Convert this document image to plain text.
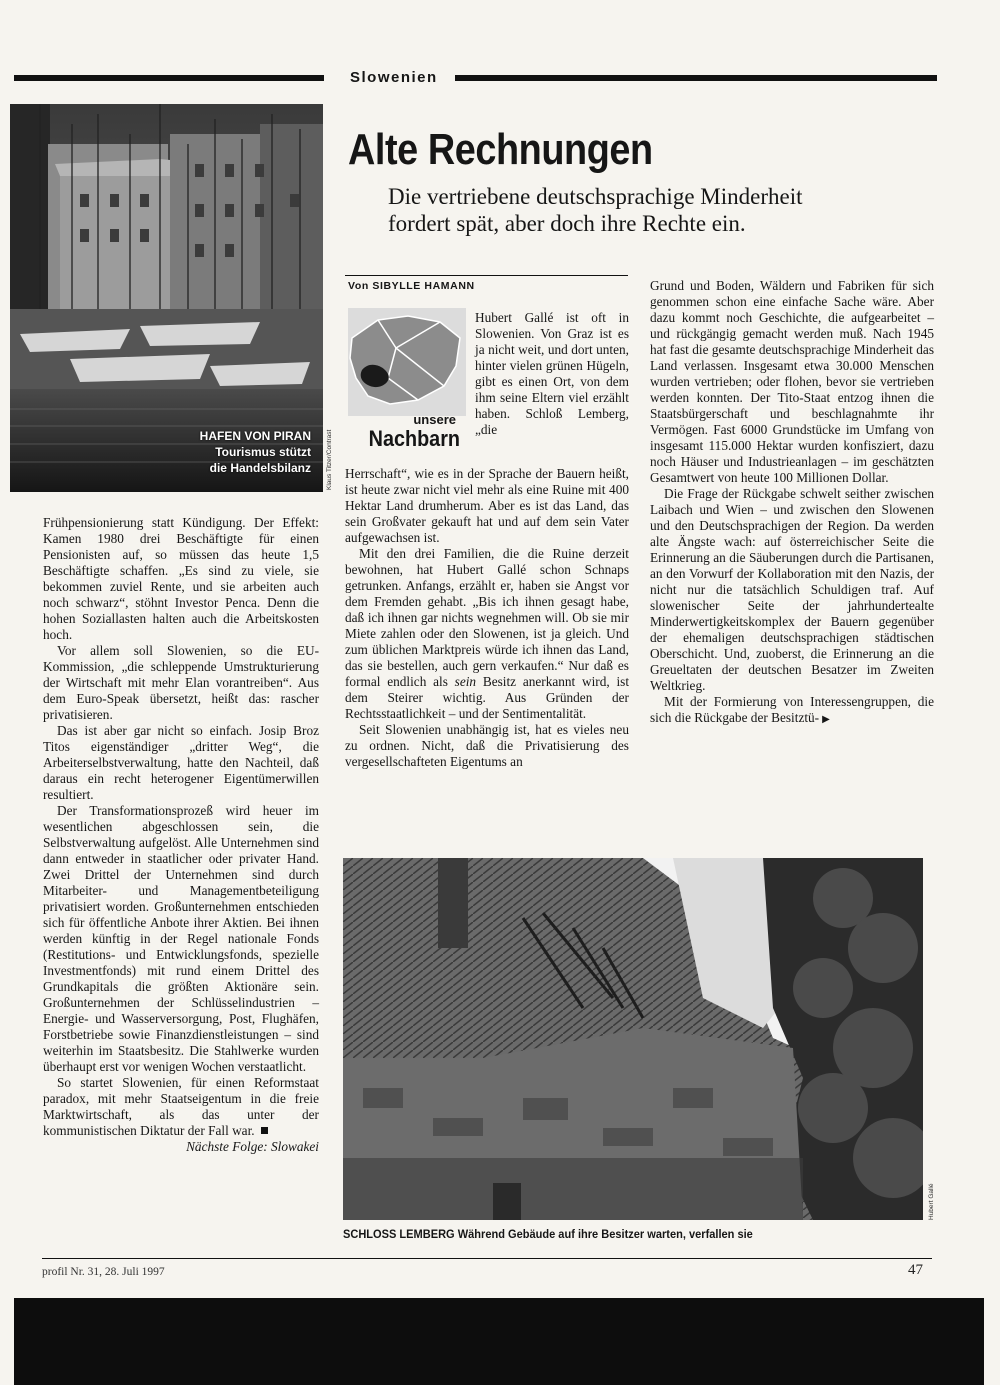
Slowenien
HAFEN VON PIRAN
Tourismus stützt
die Handelsbilanz Klaus Titzer/Contrast
Alte Rechnungen
Die vertriebene deutschsprachige Minderheit fordert spät, aber doch ihre Rechte ein.
Von SIBYLLE HAMANN
unsere
Nachbarn

Frühpensionierung statt Kündigung. Der Effekt: Kamen 1980 drei Beschäftigte für einen Pensionisten auf, so müssen das heute 1,5 Beschäftigte schaffen. „Es sind zu viele, sie bekommen zuviel Rente, und sie arbeiten auch noch schwarz“, stöhnt Investor Penca. Denn die hohen Soziallasten halten auch die Arbeitskosten hoch.

Vor allem soll Slowenien, so die EU-Kommission, „die schleppende Umstrukturierung der Wirtschaft mit mehr Elan vorantreiben“. Aus dem Euro-Speak übersetzt, heißt das: rascher privatisieren.

Das ist aber gar nicht so einfach. Josip Broz Titos eigenständiger „dritter Weg“, die Arbeiterselbstverwaltung, hatte den Nachteil, daß daraus ein recht heterogener Eigentümerwillen resultiert.

Der Transformationsprozeß wird heuer im wesentlichen abgeschlossen sein, die Selbstverwaltung aufgelöst. Alle Unternehmen sind dann entweder in staatlicher oder privater Hand. Zwei Drittel der Unternehmen sind durch Mitarbeiter- und Managementbeteiligung privatisiert worden. Großunternehmen entschieden sich für öffentliche Anbote ihrer Aktien. Bei ihnen werden künftig in der Regel nationale Fonds (Restitutions- und Entwicklungsfonds, spezielle Investmentfonds) mit rund einem Drittel des Grundkapitals die größten Aktionäre sein. Großunternehmen der Schlüsselindustrien – Energie- und Wasserversorgung, Post, Flughäfen, Forstbetriebe sowie Finanzdienstleistungen – sind weiterhin im Staatsbesitz. Die Stahlwerke wurden überhaupt erst vor wenigen Wochen verstaatlicht.

So startet Slowenien, für einen Reformstaat paradox, mit mehr Staatseigentum in die freie Marktwirtschaft, als das unter der kommunistischen Diktatur der Fall war.

Nächste Folge: Slowakei

Hubert Gallé ist oft in Slowenien. Von Graz ist es ja nicht weit, und dort unten, hinter vielen grünen Hügeln, gibt es einen Ort, von dem ihm seine Eltern viel erzählt haben. Schloß Lemberg, „die

Herrschaft“, wie es in der Sprache der Bauern heißt, ist heute zwar nicht viel mehr als eine Ruine mit 400 Hektar Land drumherum. Aber es ist das Land, das sein Großvater gekauft hat und auf dem sein Vater aufgewachsen ist.

Mit den drei Familien, die die Ruine derzeit bewohnen, hat Hubert Gallé schon Schnaps getrunken. Anfangs, erzählt er, haben sie Angst vor dem Fremden gehabt. „Bis ich ihnen gesagt habe, daß ich ihnen gar nichts wegnehmen will. Ob sie mir Miete zahlen oder den Slowenen, ist ja gleich. Und zum üblichen Marktpreis würde ich ihnen das Land, das sie bestellen, auch gern verkaufen.“ Nur daß es formal endlich als sein Besitz anerkannt wird, ist dem Steirer wichtig. Aus Gründen der Rechtsstaatlichkeit – und der Sentimentalität.

Seit Slowenien unabhängig ist, hat es vieles neu zu ordnen. Nicht, daß die Privatisierung des vergesellschafteten Eigentums an

Grund und Boden, Wäldern und Fabriken für sich genommen schon eine einfache Sache wäre. Aber dazu kommt noch Geschichte, die aufgearbeitet – und rückgängig gemacht werden muß. Nach 1945 hat fast die gesamte deutschsprachige Minderheit das Land verlassen. Insgesamt etwa 30.000 Menschen wurden vertrieben; oder flohen, bevor sie vertrieben werden konnten. Der Tito-Staat entzog ihnen die Staatsbürgerschaft und beschlagnahmte ihr Vermögen. Fast 6000 Grundstücke im Umfang von insgesamt 115.000 Hektar wurden konfisziert, dazu noch Häuser und Industrieanlagen – im geschätzten Gesamtwert von heute 100 Millionen Dollar.

Die Frage der Rückgabe schwelt seither zwischen Laibach und Wien – und zwischen den Slowenen und den Deutschsprachigen der Region. Da werden alte Ängste wach: auf österreichischer Seite die Erinnerung an die Säuberungen durch die Partisanen, an den Vorwurf der Kollaboration mit den Nazis, der nicht nur die tatsächlich Schuldigen traf. Auf slowenischer Seite der jahrhundertealte Minderwertigkeitskomplex der Bauern gegenüber der ehemaligen deutschsprachigen städtischen Oberschicht. Und, zuoberst, die Erinnerung an die Greueltaten der deutschen Besatzer im Zweiten Weltkrieg.

Mit der Formierung von Interessengruppen, die sich die Rückgabe der Besitztü- ▶

Hubert Gallé
SCHLOSS LEMBERG Während Gebäude auf ihre Besitzer warten, verfallen sie
profil Nr. 31, 28. Juli 1997	47
